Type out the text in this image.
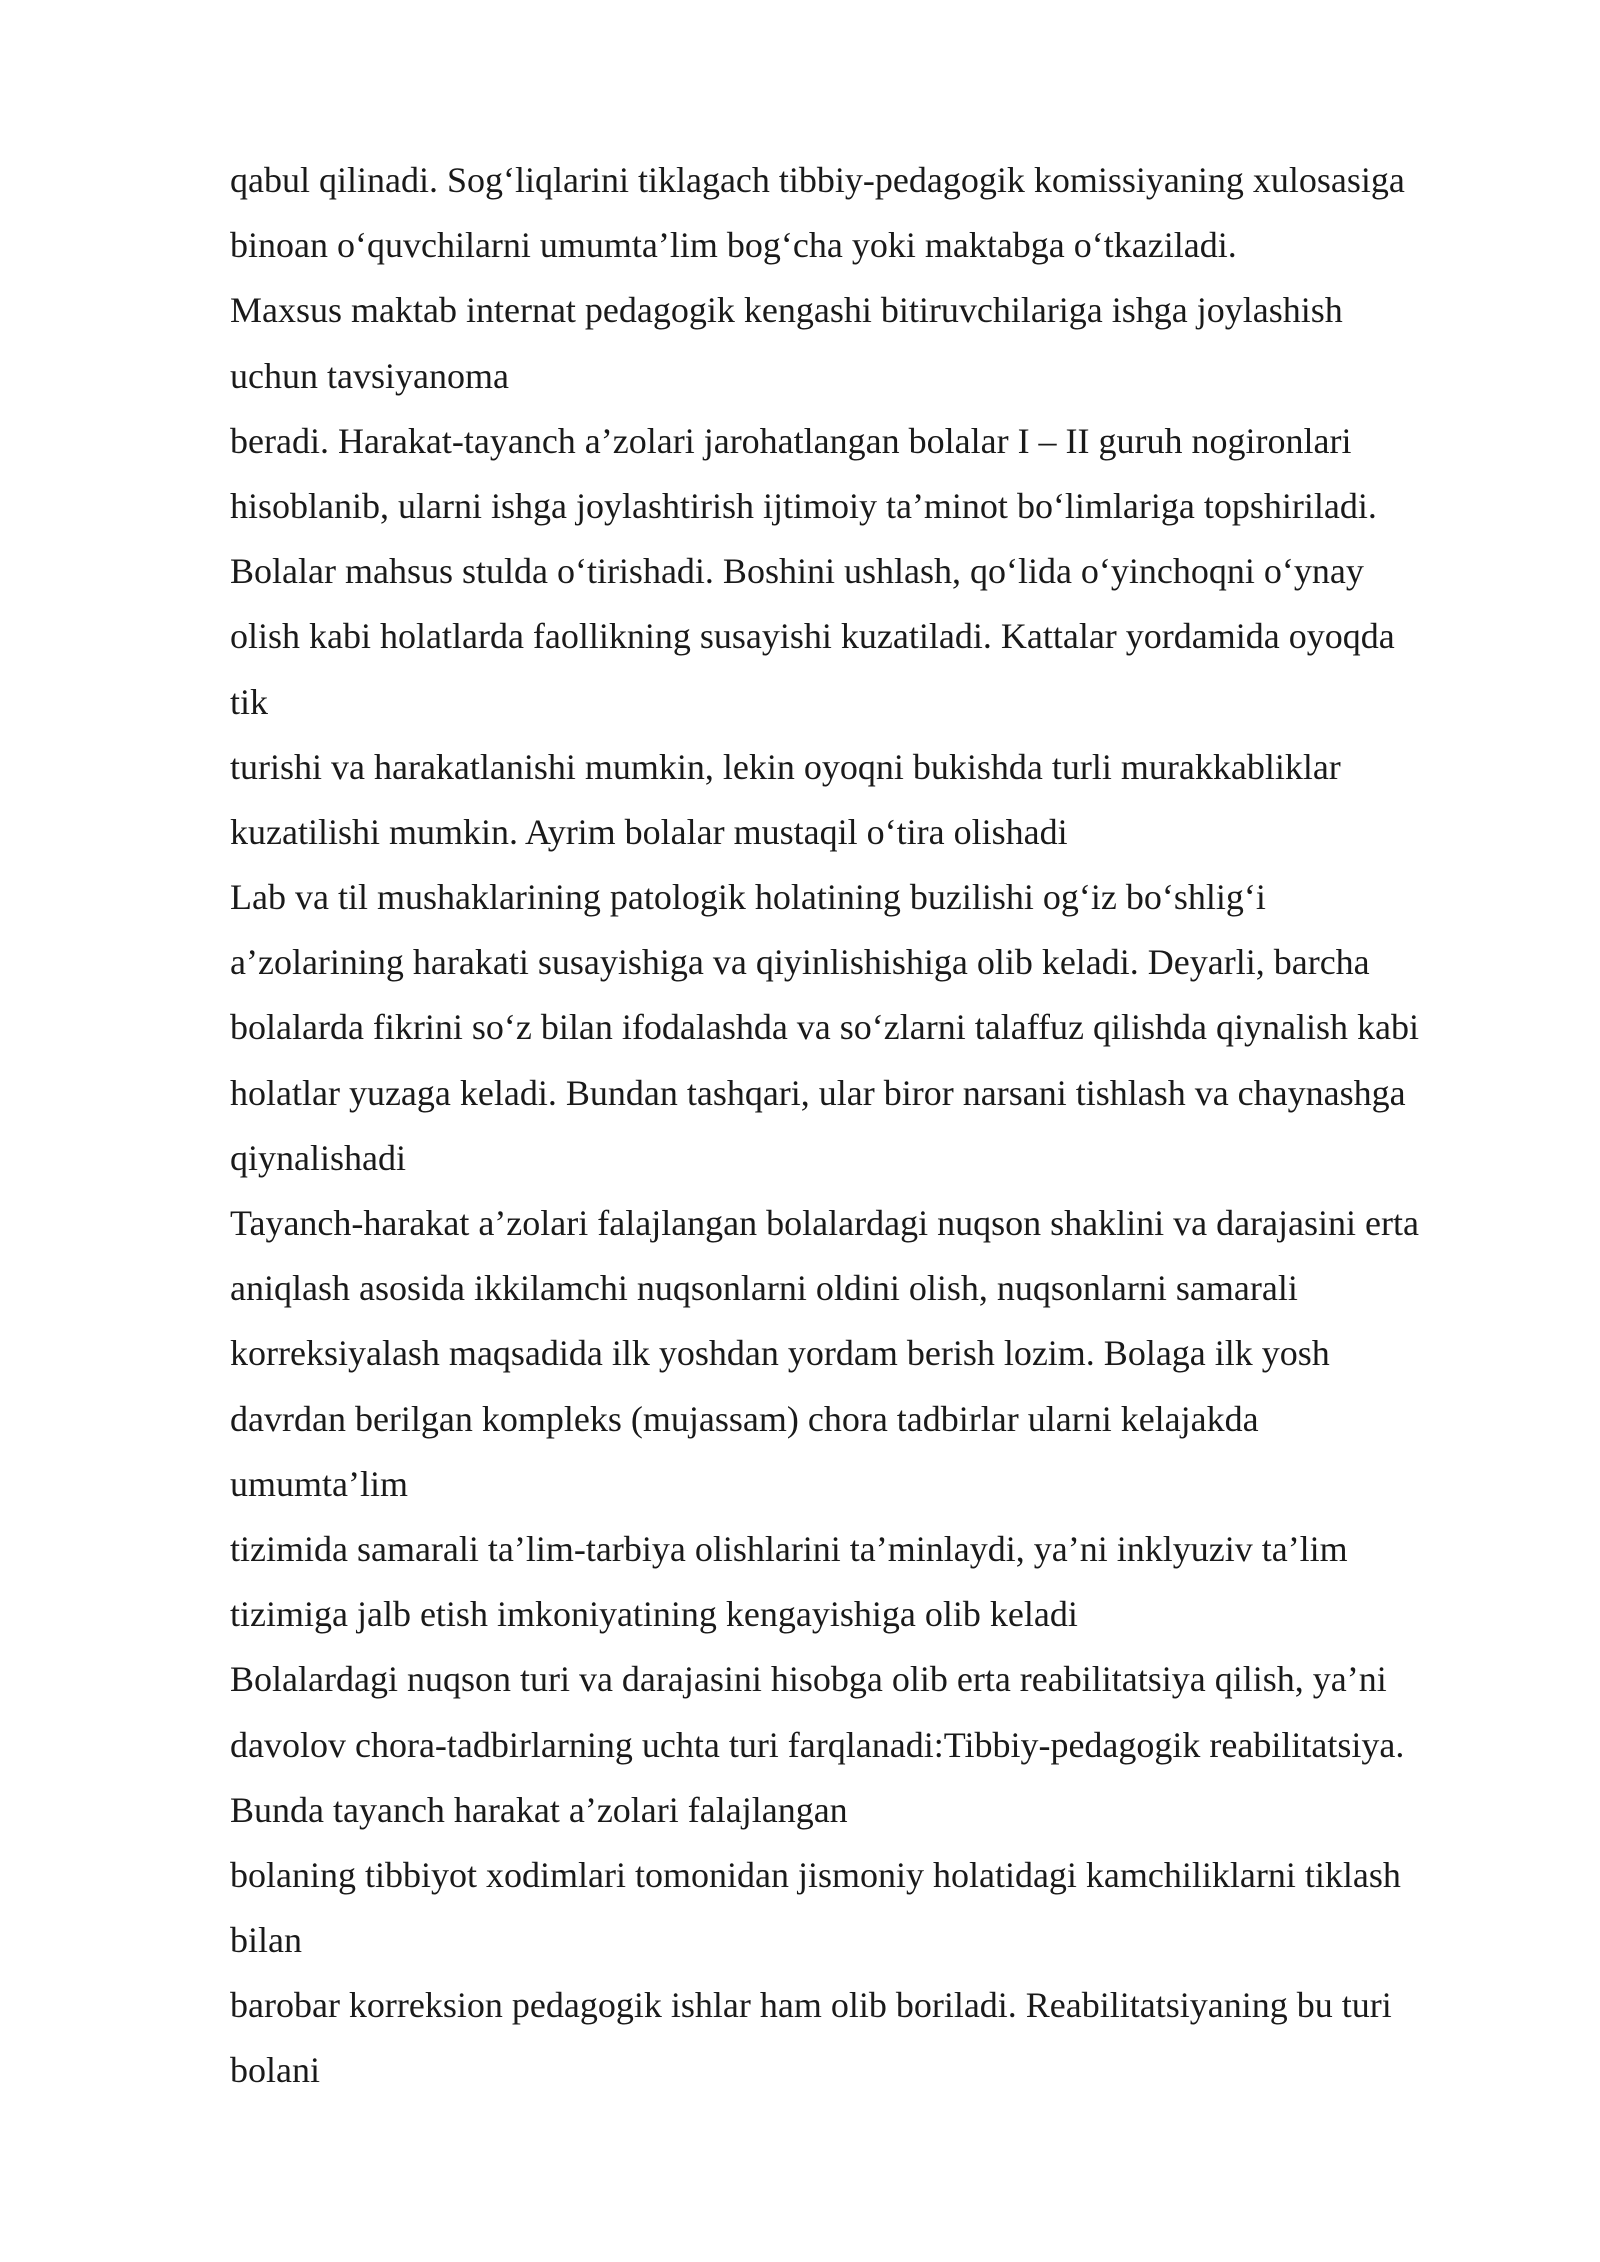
qabul qilinadi. Sog‘liqlarini tiklagach tibbiy-pedagogik komissiyaning xulosasiga
binoan o‘quvchilarni umumta’lim bog‘cha yoki maktabga o‘tkaziladi.
Maxsus maktab internat pedagogik kengashi bitiruvchilariga ishga joylashish
uchun tavsiyanoma
beradi. Harakat-tayanch a’zolari jarohatlangan bolalar I – II guruh nogironlari
hisoblanib, ularni ishga joylashtirish ijtimoiy ta’minot bo‘limlariga topshiriladi.
Bolalar mahsus stulda o‘tirishadi. Boshini ushlash, qo‘lida o‘yinchoqni o‘ynay
olish kabi holatlarda faollikning susayishi kuzatiladi. Kattalar yordamida oyoqda
tik
turishi va harakatlanishi mumkin, lekin oyoqni bukishda turli murakkabliklar
kuzatilishi mumkin. Ayrim bolalar mustaqil o‘tira olishadi
Lab va til mushaklarining patologik holatining buzilishi og‘iz bo‘shlig‘i
a’zolarining harakati susayishiga va qiyinlishishiga olib keladi. Deyarli, barcha
bolalarda fikrini so‘z bilan ifodalashda va so‘zlarni talaffuz qilishda qiynalish kabi
holatlar yuzaga keladi. Bundan tashqari, ular biror narsani tishlash va chaynashga
qiynalishadi
Tayanch-harakat a’zolari falajlangan bolalardagi nuqson shaklini va darajasini erta
aniqlash asosida ikkilamchi nuqsonlarni oldini olish, nuqsonlarni samarali
korreksiyalash maqsadida ilk yoshdan yordam berish lozim. Bolaga ilk yosh
davrdan berilgan kompleks (mujassam) chora tadbirlar ularni kelajakda
umumta’lim
tizimida samarali ta’lim-tarbiya olishlarini ta’minlaydi, ya’ni inklyuziv ta’lim
tizimiga jalb etish imkoniyatining kengayishiga olib keladi
Bolalardagi nuqson turi va darajasini hisobga olib erta reabilitatsiya qilish, ya’ni
davolov chora-tadbirlarning uchta turi farqlanadi:Tibbiy-pedagogik reabilitatsiya.
Bunda tayanch harakat a’zolari falajlangan
bolaning tibbiyot xodimlari tomonidan jismoniy holatidagi kamchiliklarni tiklash
bilan
barobar korreksion pedagogik ishlar ham olib boriladi. Reabilitatsiyaning bu turi
bolani
